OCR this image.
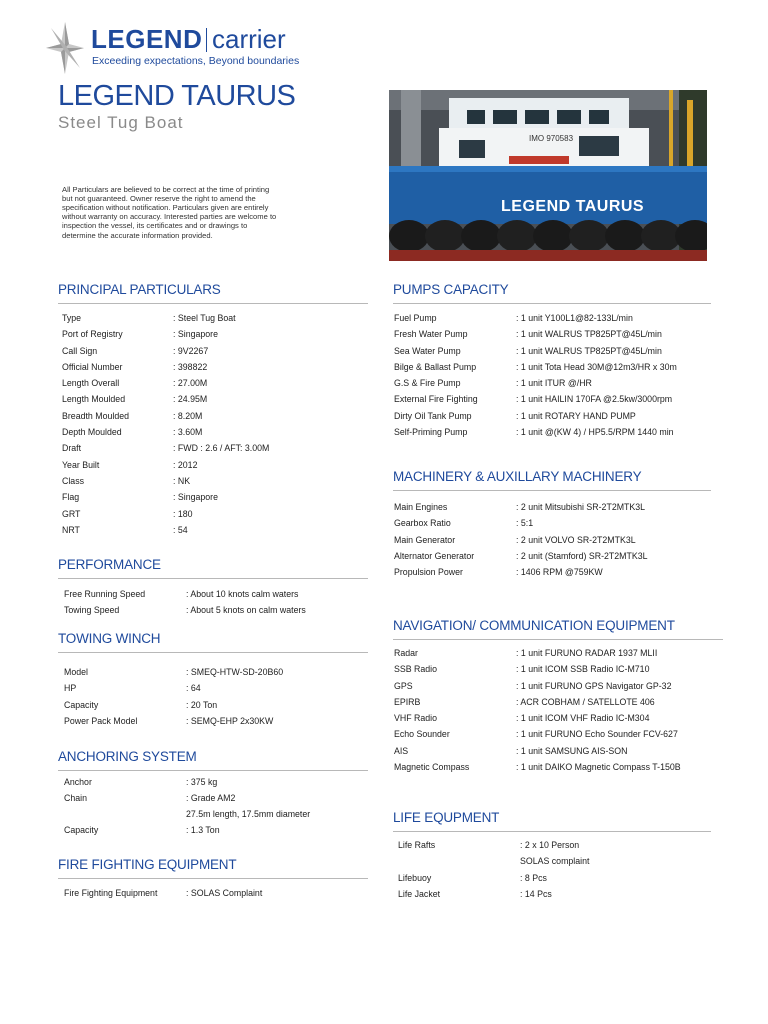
LEGEND carrier
Exceeding expectations, Beyond boundaries
LEGEND TAURUS
Steel Tug Boat
All Particulars are believed to be correct at the time of printing but not guaranteed. Owner reserve the right to amend the specification without notification. Particulars given are entirely without warranty on accuracy. Interested parties are welcome to inspection the vessel, its certificates and or drawings to determine the accurate information provided.
IMO 970583
LEGEND TAURUS
PRINCIPAL PARTICULARS
Type	: Steel Tug Boat
Port of Registry	: Singapore
Call Sign	: 9V2267
Official Number	: 398822
Length Overall	: 27.00M
Length Moulded	: 24.95M
Breadth Moulded	: 8.20M
Depth Moulded	: 3.60M
Draft	: FWD : 2.6 / AFT: 3.00M
Year Built	: 2012
Class	: NK
Flag	: Singapore
GRT	: 180
NRT	: 54
PERFORMANCE
Free Running Speed	: About 10 knots calm waters
Towing Speed	: About 5 knots on calm waters
TOWING WINCH
Model	: SMEQ-HTW-SD-20B60
HP	: 64
Capacity	: 20 Ton
Power Pack Model	: SEMQ-EHP 2x30KW
ANCHORING SYSTEM
Anchor	: 375 kg
Chain	: Grade AM2
27.5m length, 17.5mm diameter
Capacity	: 1.3 Ton
FIRE FIGHTING EQUIPMENT
Fire Fighting Equipment	: SOLAS Complaint
PUMPS CAPACITY
Fuel Pump	: 1 unit Y100L1@82-133L/min
Fresh Water Pump	: 1 unit WALRUS TP825PT@45L/min
Sea Water Pump	: 1 unit WALRUS TP825PT@45L/min
Bilge & Ballast Pump	: 1 unit Tota Head 30M@12m3/HR x 30m
G.S & Fire Pump	: 1 unit ITUR @/HR
External Fire Fighting	: 1 unit HAILIN 170FA @2.5kw/3000rpm
Dirty Oil Tank Pump	: 1 unit ROTARY HAND PUMP
Self-Priming Pump	: 1 unit @(KW 4) / HP5.5/RPM 1440 min
MACHINERY & AUXILLARY MACHINERY
Main Engines	: 2 unit Mitsubishi SR-2T2MTK3L
Gearbox Ratio	: 5:1
Main Generator	: 2 unit VOLVO SR-2T2MTK3L
Alternator Generator	: 2 unit (Stamford) SR-2T2MTK3L
Propulsion Power	: 1406 RPM @759KW
NAVIGATION/ COMMUNICATION EQUIPMENT
Radar	: 1 unit FURUNO RADAR 1937 MLII
SSB Radio	: 1 unit ICOM SSB Radio IC-M710
GPS	: 1 unit FURUNO GPS Navigator GP-32
EPIRB	: ACR COBHAM / SATELLOTE 406
VHF Radio	: 1 unit ICOM VHF Radio IC-M304
Echo Sounder	: 1 unit FURUNO Echo Sounder FCV-627
AIS	: 1 unit SAMSUNG AIS-SON
Magnetic Compass	: 1 unit DAIKO Magnetic Compass T-150B
LIFE EQUPMENT
Life Rafts	: 2 x 10 Person
SOLAS complaint
Lifebuoy	: 8 Pcs
Life Jacket	: 14 Pcs
